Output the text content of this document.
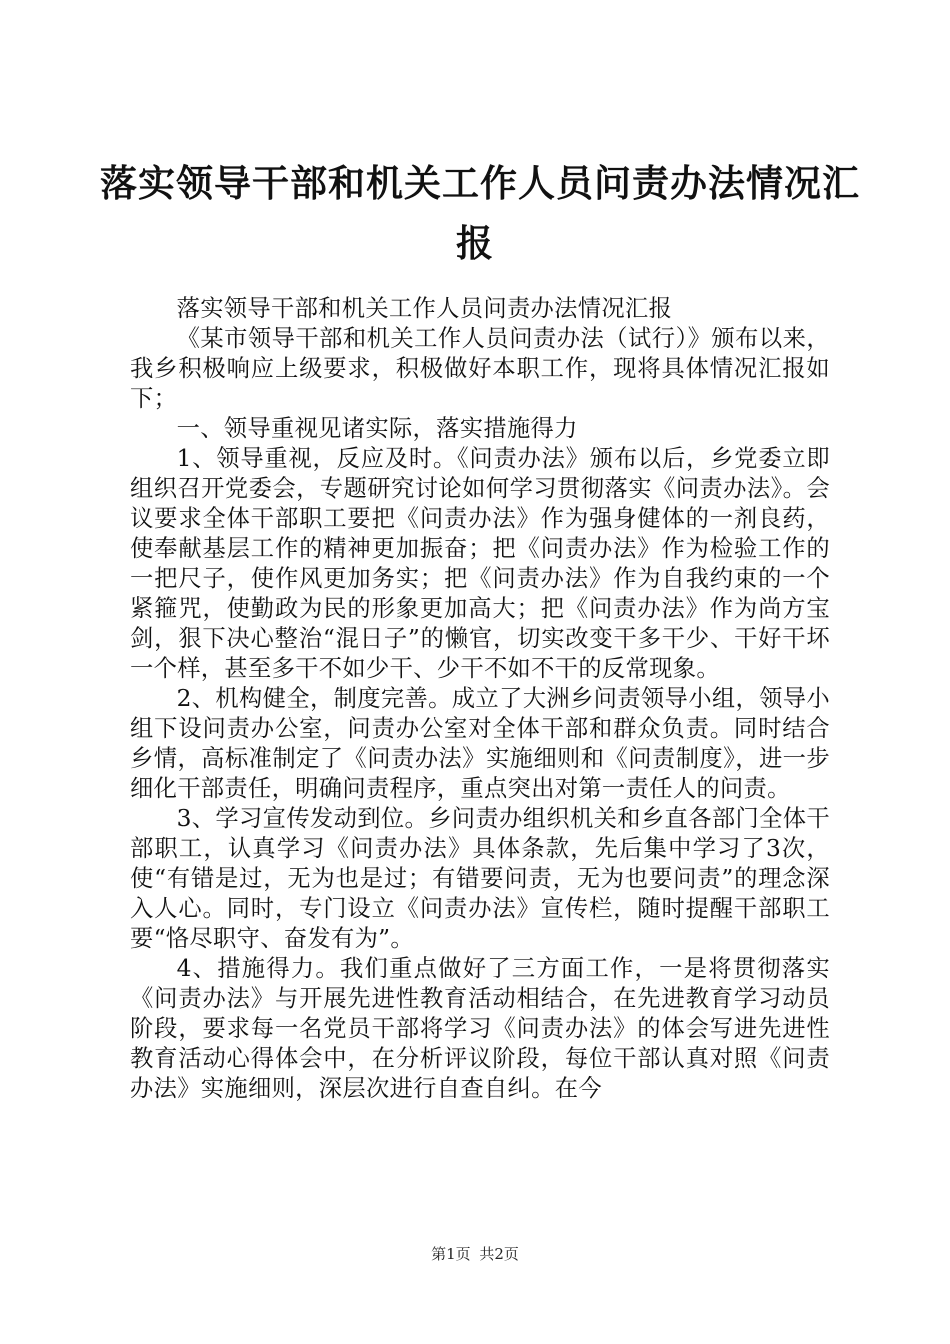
落实领导干部和机关工作人员问责办法情况汇
报

落实领导干部和机关工作人员问责办法情况汇报

《某市领导干部和机关工作人员问责办法（试行）》颁布以来，我乡积极响应上级要求，积极做好本职工作，现将具体情况汇报如下；

一、领导重视见诸实际，落实措施得力

1、领导重视，反应及时。《问责办法》颁布以后，乡党委立即组织召开党委会，专题研究讨论如何学习贯彻落实《问责办法》。会议要求全体干部职工要把《问责办法》作为强身健体的一剂良药，使奉献基层工作的精神更加振奋；把《问责办法》作为检验工作的一把尺子，使作风更加务实；把《问责办法》作为自我约束的一个紧箍咒，使勤政为民的形象更加高大；把《问责办法》作为尚方宝剑，狠下决心整治“混日子”的懒官，切实改变干多干少、干好干坏一个样，甚至多干不如少干、少干不如不干的反常现象。

2、机构健全，制度完善。成立了大洲乡问责领导小组，领导小组下设问责办公室，问责办公室对全体干部和群众负责。同时结合乡情，高标准制定了《问责办法》实施细则和《问责制度》，进一步细化干部责任，明确问责程序，重点突出对第一责任人的问责。

3、学习宣传发动到位。乡问责办组织机关和乡直各部门全体干部职工，认真学习《问责办法》具体条款，先后集中学习了3次，使“有错是过，无为也是过；有错要问责，无为也要问责”的理念深入人心。同时，专门设立《问责办法》宣传栏，随时提醒干部职工要“恪尽职守、奋发有为”。

4、措施得力。我们重点做好了三方面工作，一是将贯彻落实《问责办法》与开展先进性教育活动相结合，在先进教育学习动员阶段，要求每一名党员干部将学习《问责办法》的体会写进先进性教育活动心得体会中，在分析评议阶段，每位干部认真对照《问责办法》实施细则，深层次进行自查自纠。在今

第1页 共2页
